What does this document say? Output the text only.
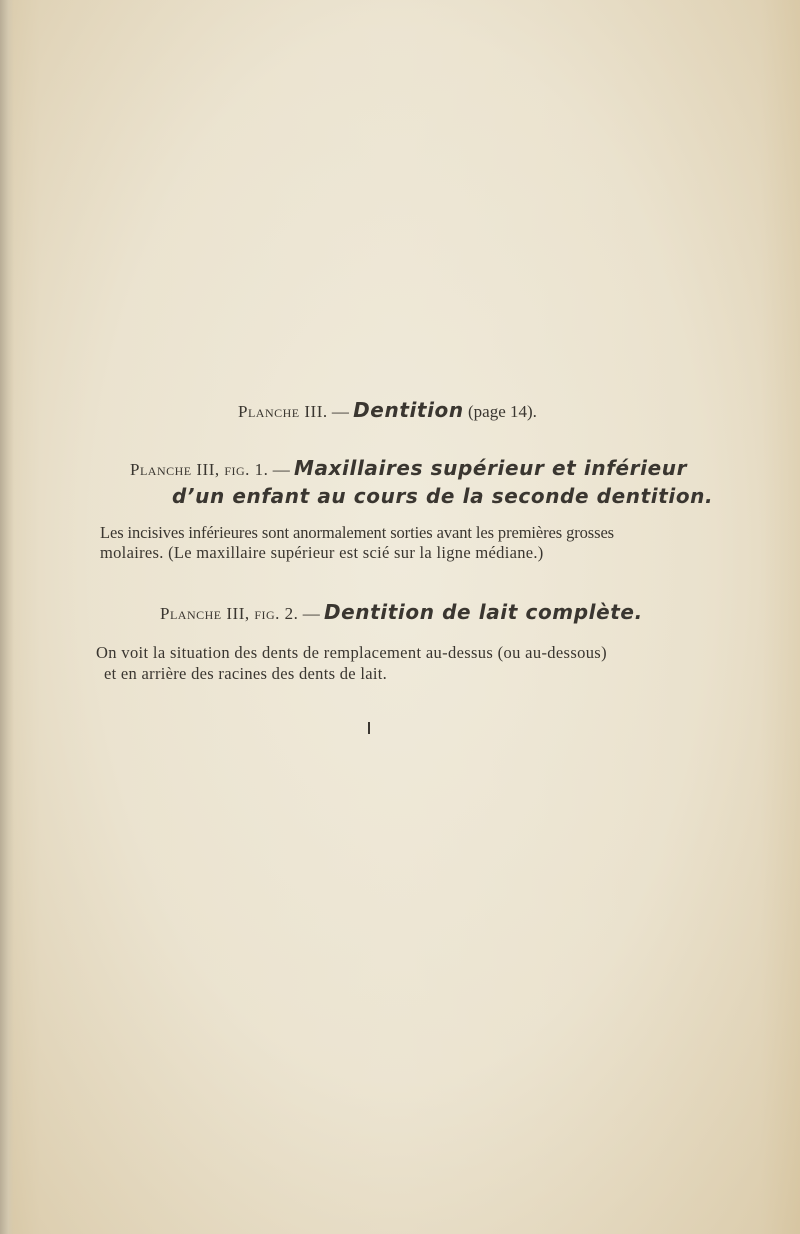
Planche III. — Dentition (page 14).
Planche III, fig. 1. — Maxillaires supérieur et inférieur
d’un enfant au cours de la seconde dentition.
Les incisives inférieures sont anormalement sorties avant les premières grosses
molaires. (Le maxillaire supérieur est scié sur la ligne médiane.)
Planche III, fig. 2. — Dentition de lait complète.
On voit la situation des dents de remplacement au-dessus (ou au-dessous)
et en arrière des racines des dents de lait.
